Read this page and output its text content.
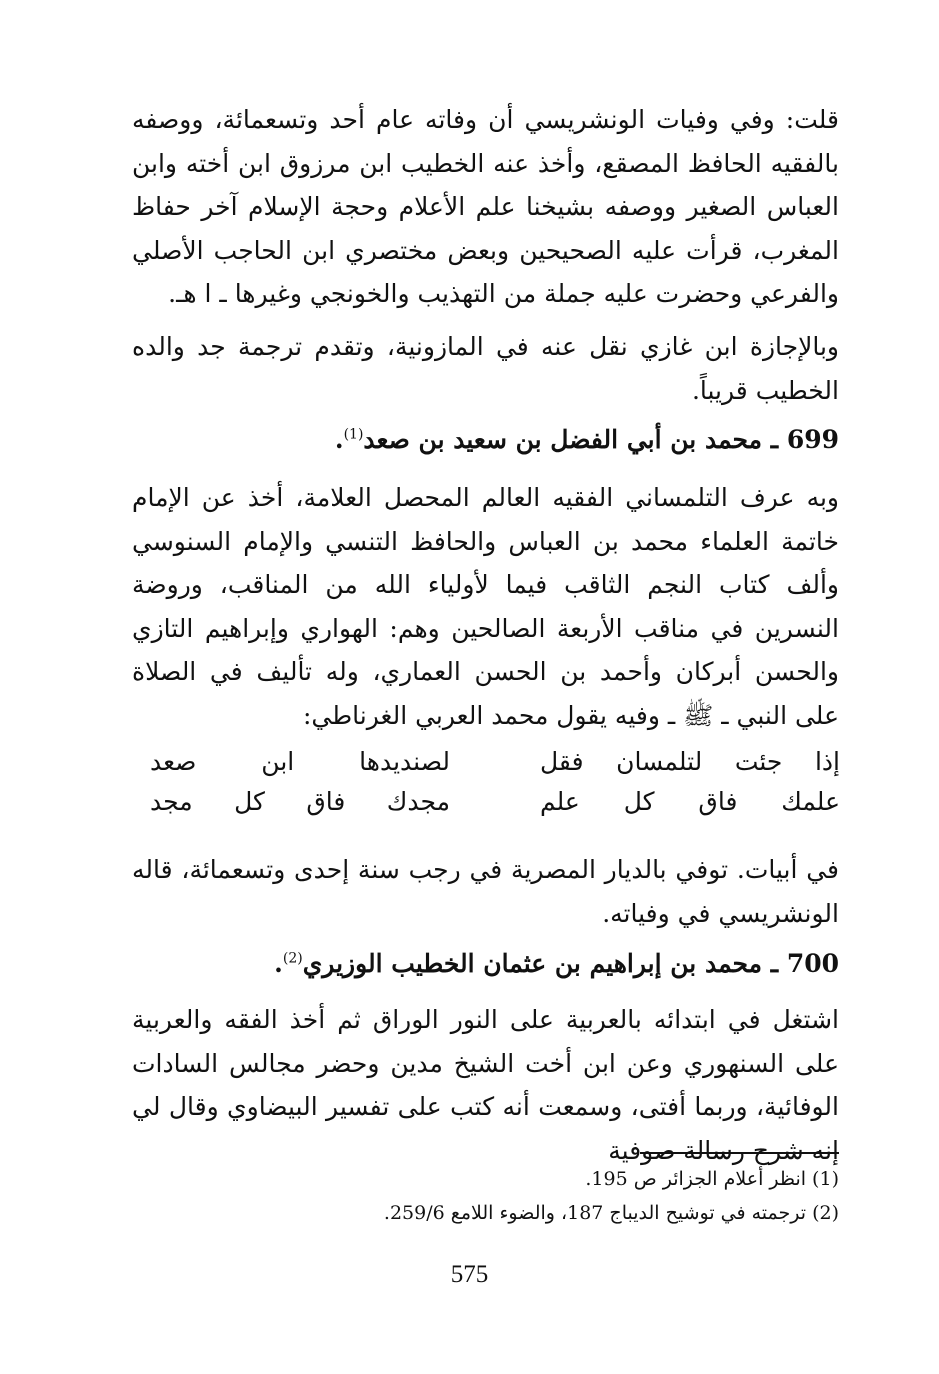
قلت: وفي وفيات الونشريسي أن وفاته عام أحد وتسعمائة، ووصفه بالفقيه الحافظ المصقع، وأخذ عنه الخطيب ابن مرزوق ابن أخته وابن العباس الصغير ووصفه بشيخنا علم الأعلام وحجة الإسلام آخر حفاظ المغرب، قرأت عليه الصحيحين وبعض مختصري ابن الحاجب الأصلي والفرعي وحضرت عليه جملة من التهذيب والخونجي وغيرها ـ ا هـ.

وبالإجازة ابن غازي نقل عنه في المازونية، وتقدم ترجمة جد والده الخطيب قريباً.

699 ـ محمد بن أبي الفضل بن سعيد بن صعد$^{(1)}$.

وبه عرف التلمساني الفقيه العالم المحصل العلامة، أخذ عن الإمام خاتمة العلماء محمد بن العباس والحافظ التنسي والإمام السنوسي وألف كتاب النجم الثاقب فيما لأولياء الله من المناقب، وروضة النسرين في مناقب الأربعة الصالحين وهم: الهواري وإبراهيم التازي والحسن أبركان وأحمد بن الحسن العماري، وله تأليف في الصلاة على النبي ـ ﷺ ـ وفيه يقول محمد العربي الغرناطي:

إذا جئت لتلمسان فقل
لصنديدها ابن صعد
علمك فاق كل علم
مجدك فاق كل مجد

في أبيات. توفي بالديار المصرية في رجب سنة إحدى وتسعمائة، قاله الونشريسي في وفياته.

700 ـ محمد بن إبراهيم بن عثمان الخطيب الوزيري$^{(2)}$.

اشتغل في ابتدائه بالعربية على النور الوراق ثم أخذ الفقه والعربية على السنهوري وعن ابن أخت الشيخ مدين وحضر مجالس السادات الوفائية، وربما أفتى، وسمعت أنه كتب على تفسير البيضاوي وقال لي إنه شرح رسالة صوفية

(1) انظر أعلام الجزائر ص 195.
(2) ترجمته في توشيح الديباج 187، والضوء اللامع 259/6.
575
